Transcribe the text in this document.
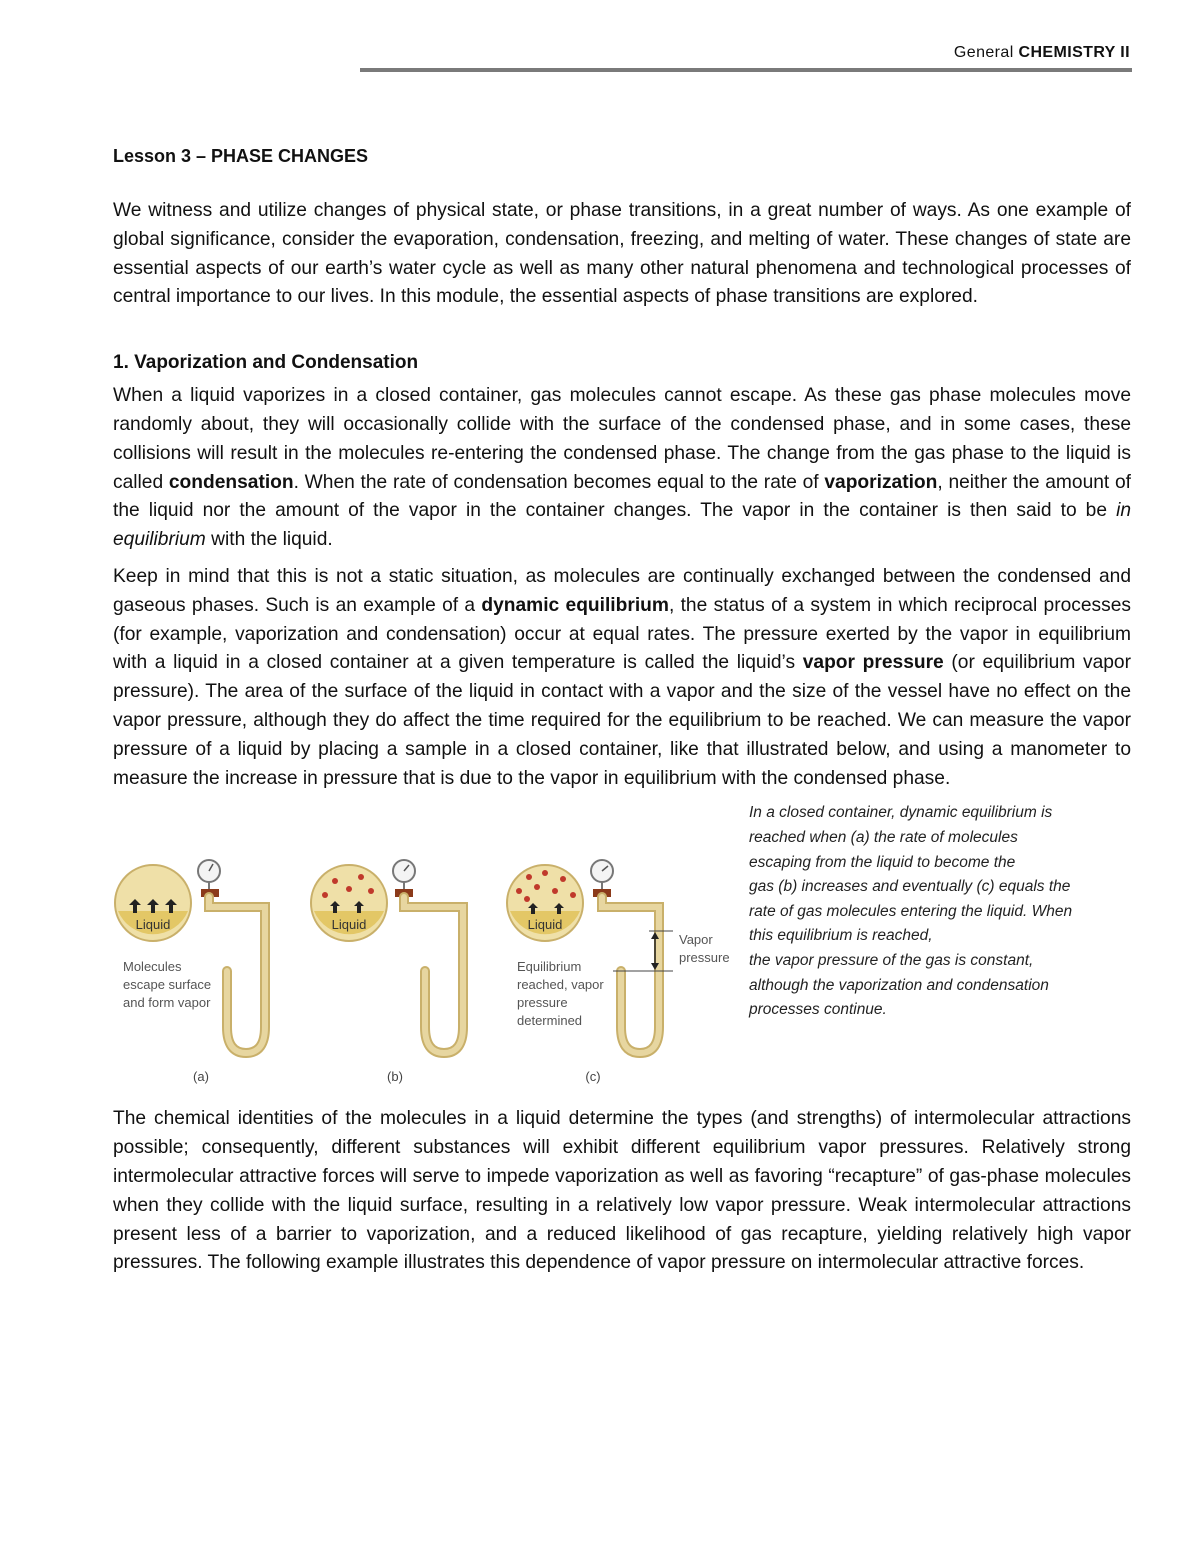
General CHEMISTRY II
Lesson 3 – PHASE CHANGES

We witness and utilize changes of physical state, or phase transitions, in a great number of ways. As one example of global significance, consider the evaporation, condensation, freezing, and melting of water. These changes of state are essential aspects of our earth’s water cycle as well as many other natural phenomena and technological processes of central importance to our lives. In this module, the essential aspects of phase transitions are explored.

1. Vaporization and Condensation

When a liquid vaporizes in a closed container, gas molecules cannot escape. As these gas phase molecules move randomly about, they will occasionally collide with the surface of the condensed phase, and in some cases, these collisions will result in the molecules re-entering the condensed phase. The change from the gas phase to the liquid is called condensation. When the rate of condensation becomes equal to the rate of vaporization, neither the amount of the liquid nor the amount of the vapor in the container changes. The vapor in the container is then said to be in equilibrium with the liquid.

Keep in mind that this is not a static situation, as molecules are continually exchanged between the condensed and gaseous phases. Such is an example of a dynamic equilibrium, the status of a system in which reciprocal processes (for example, vaporization and condensation) occur at equal rates. The pressure exerted by the vapor in equilibrium with a liquid in a closed container at a given temperature is called the liquid’s vapor pressure (or equilibrium vapor pressure). The area of the surface of the liquid in contact with a vapor and the size of the vessel have no effect on the vapor pressure, although they do affect the time required for the equilibrium to be reached. We can measure the vapor pressure of a liquid by placing a sample in a closed container, like that illustrated below, and using a manometer to measure the increase in pressure that is due to the vapor in equilibrium with the condensed phase.

Liquid
Molecules escape surface and form vapor
(a)
Liquid
(b)
Liquid
Vapor pressure
Equilibrium reached, vapor pressure determined
(c)
In a closed container, dynamic equilibrium is
reached when (a) the rate of molecules
escaping from the liquid to become the
gas (b) increases and eventually (c) equals the
rate of gas molecules entering the liquid. When
this equilibrium is reached,
the vapor pressure of the gas is constant,
although the vaporization and condensation
processes continue.

The chemical identities of the molecules in a liquid determine the types (and strengths) of intermolecular attractions possible; consequently, different substances will exhibit different equilibrium vapor pressures. Relatively strong intermolecular attractive forces will serve to impede vaporization as well as favoring “recapture” of gas-phase molecules when they collide with the liquid surface, resulting in a relatively low vapor pressure. Weak intermolecular attractions present less of a barrier to vaporization, and a reduced likelihood of gas recapture, yielding relatively high vapor pressures. The following example illustrates this dependence of vapor pressure on intermolecular attractive forces.
